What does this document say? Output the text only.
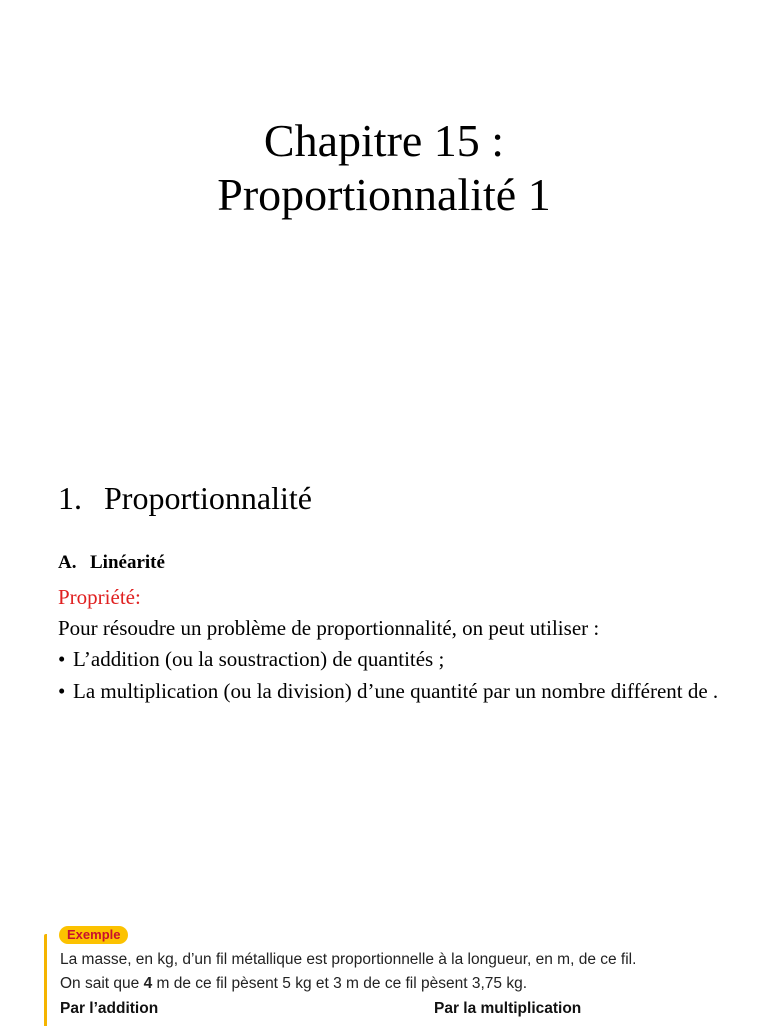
Chapitre 15 :
Proportionnalité 1
1. Proportionnalité
A. Linéarité
Propriété:
Pour résoudre un problème de proportionnalité, on peut utiliser :
• L’addition (ou la soustraction) de quantités ;
• La multiplication (ou la division) d’une quantité par un nombre différent de .
Exemple
La masse, en kg, d’un fil métallique est proportionnelle à la longueur, en m, de ce fil.
On sait que 4 m de ce fil pèsent 5 kg et 3 m de ce fil pèsent 3,75 kg.
Par l’addition	Par la multiplication
